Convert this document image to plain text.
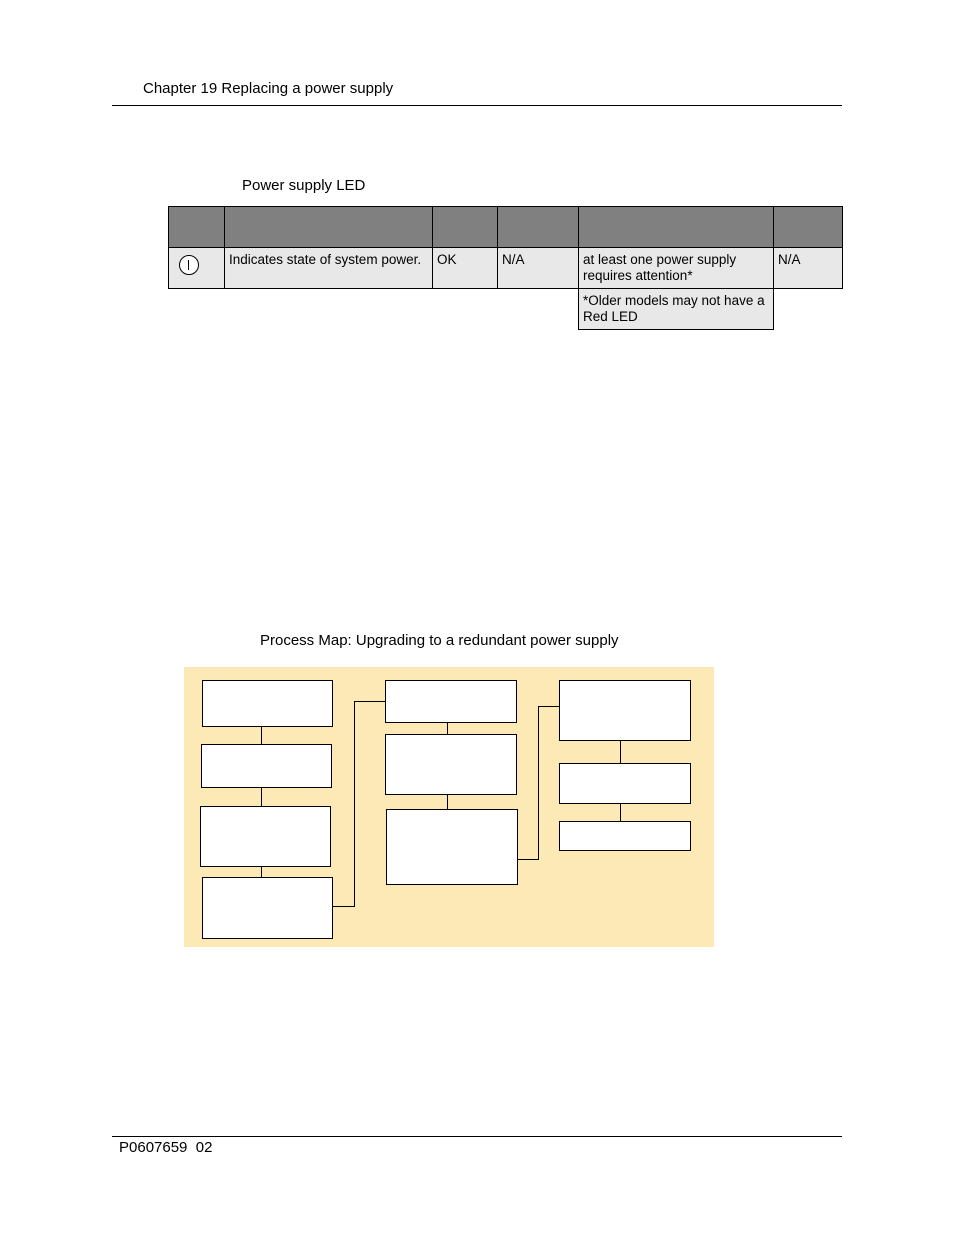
Chapter 19 Replacing a power supply
Power supply LED

	Indicates state of system power.	OK	N/A	at least one power supply requires attention*	N/A
				*Older models may not have a Red LED	
Process Map: Upgrading to a redundant power supply
P0607659  02
